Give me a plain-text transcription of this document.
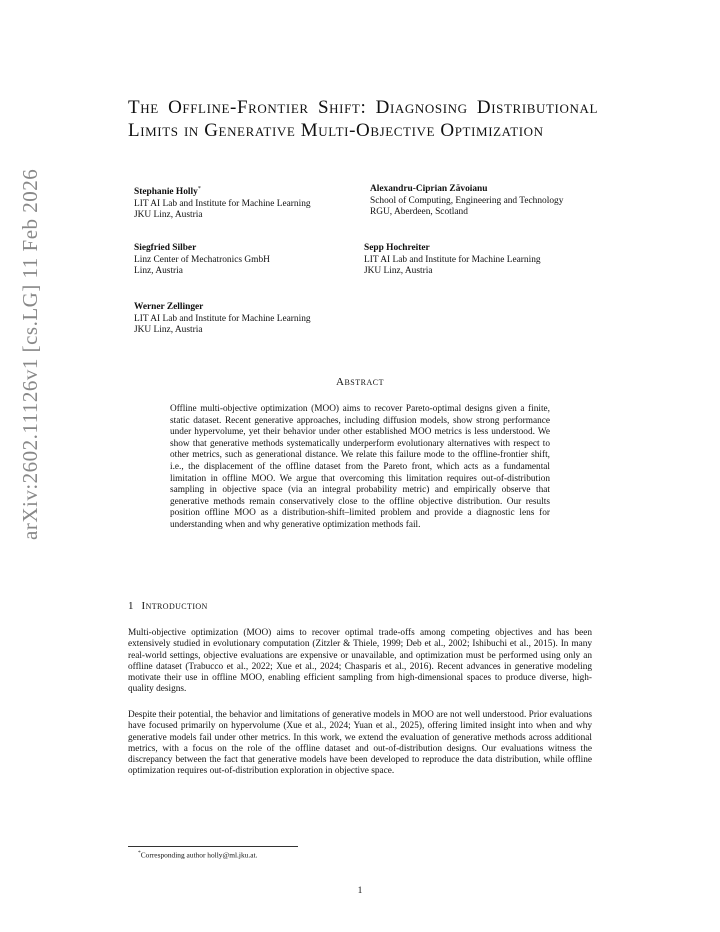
arXiv:2602.11126v1 [cs.LG] 11 Feb 2026
The Offline-Frontier Shift: Diagnosing Distributional Limits in Generative Multi-Objective Optimization
Stephanie Holly*
LIT AI Lab and Institute for Machine Learning
JKU Linz, Austria
Alexandru-Ciprian Zăvoianu
School of Computing, Engineering and Technology
RGU, Aberdeen, Scotland
Siegfried Silber
Linz Center of Mechatronics GmbH
Linz, Austria
Sepp Hochreiter
LIT AI Lab and Institute for Machine Learning
JKU Linz, Austria
Werner Zellinger
LIT AI Lab and Institute for Machine Learning
JKU Linz, Austria
Abstract

Offline multi-objective optimization (MOO) aims to recover Pareto-optimal designs given a finite, static dataset. Recent generative approaches, including diffusion models, show strong performance under hypervolume, yet their behavior under other established MOO metrics is less understood. We show that generative methods systematically underperform evolutionary alternatives with respect to other metrics, such as generational distance. We relate this failure mode to the offline-frontier shift, i.e., the displacement of the offline dataset from the Pareto front, which acts as a fundamental limitation in offline MOO. We argue that overcoming this limitation requires out-of-distribution sampling in objective space (via an integral probability metric) and empirically observe that generative methods remain conservatively close to the offline objective distribution. Our results position offline MOO as a distribution-shift–limited problem and provide a diagnostic lens for understanding when and why generative optimization methods fail.

1 Introduction

Multi-objective optimization (MOO) aims to recover optimal trade-offs among competing objectives and has been extensively studied in evolutionary computation (Zitzler & Thiele, 1999; Deb et al., 2002; Ishibuchi et al., 2015). In many real-world settings, objective evaluations are expensive or unavailable, and optimization must be performed using only an offline dataset (Trabucco et al., 2022; Xue et al., 2024; Chasparis et al., 2016). Recent advances in generative modeling motivate their use in offline MOO, enabling efficient sampling from high-dimensional spaces to produce diverse, high-quality designs.

Despite their potential, the behavior and limitations of generative models in MOO are not well understood. Prior evaluations have focused primarily on hypervolume (Xue et al., 2024; Yuan et al., 2025), offering limited insight into when and why generative models fail under other metrics. In this work, we extend the evaluation of generative methods across additional metrics, with a focus on the role of the offline dataset and out-of-distribution designs. Our evaluations witness the discrepancy between the fact that generative models have been developed to reproduce the data distribution, while offline optimization requires out-of-distribution exploration in objective space.

*Corresponding author holly@ml.jku.at.
1
